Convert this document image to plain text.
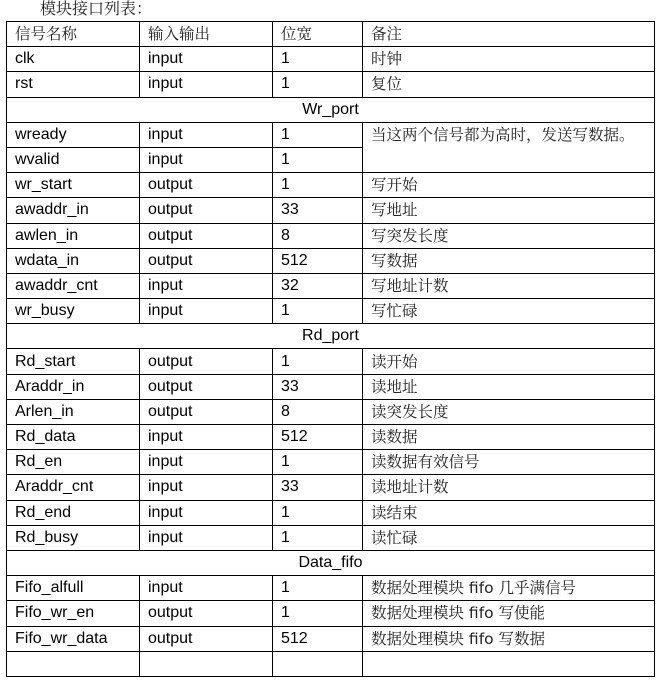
模块接口列表：
信号名称	输入输出	位宽	备注
clk	input	1	时钟
rst	input	1	复位
Wr_port			
wready	input	1	当这两个信号都为高时，发送写数据。
wvalid	input	1	
wr_start	output	1	写开始
awaddr_in	output	33	写地址
awlen_in	output	8	写突发长度
wdata_in	output	512	写数据
awaddr_cnt	input	32	写地址计数
wr_busy	input	1	写忙碌
Rd_port			
Rd_start	output	1	读开始
Araddr_in	output	33	读地址
Arlen_in	output	8	读突发长度
Rd_data	input	512	读数据
Rd_en	input	1	读数据有效信号
Araddr_cnt	input	33	读地址计数
Rd_end	input	1	读结束
Rd_busy	input	1	读忙碌
Data_fifo			
Fifo_alfull	input	1	数据处理模块 fifo 几乎满信号
Fifo_wr_en	output	1	数据处理模块 fifo 写使能
Fifo_wr_data	output	512	数据处理模块 fifo 写数据
